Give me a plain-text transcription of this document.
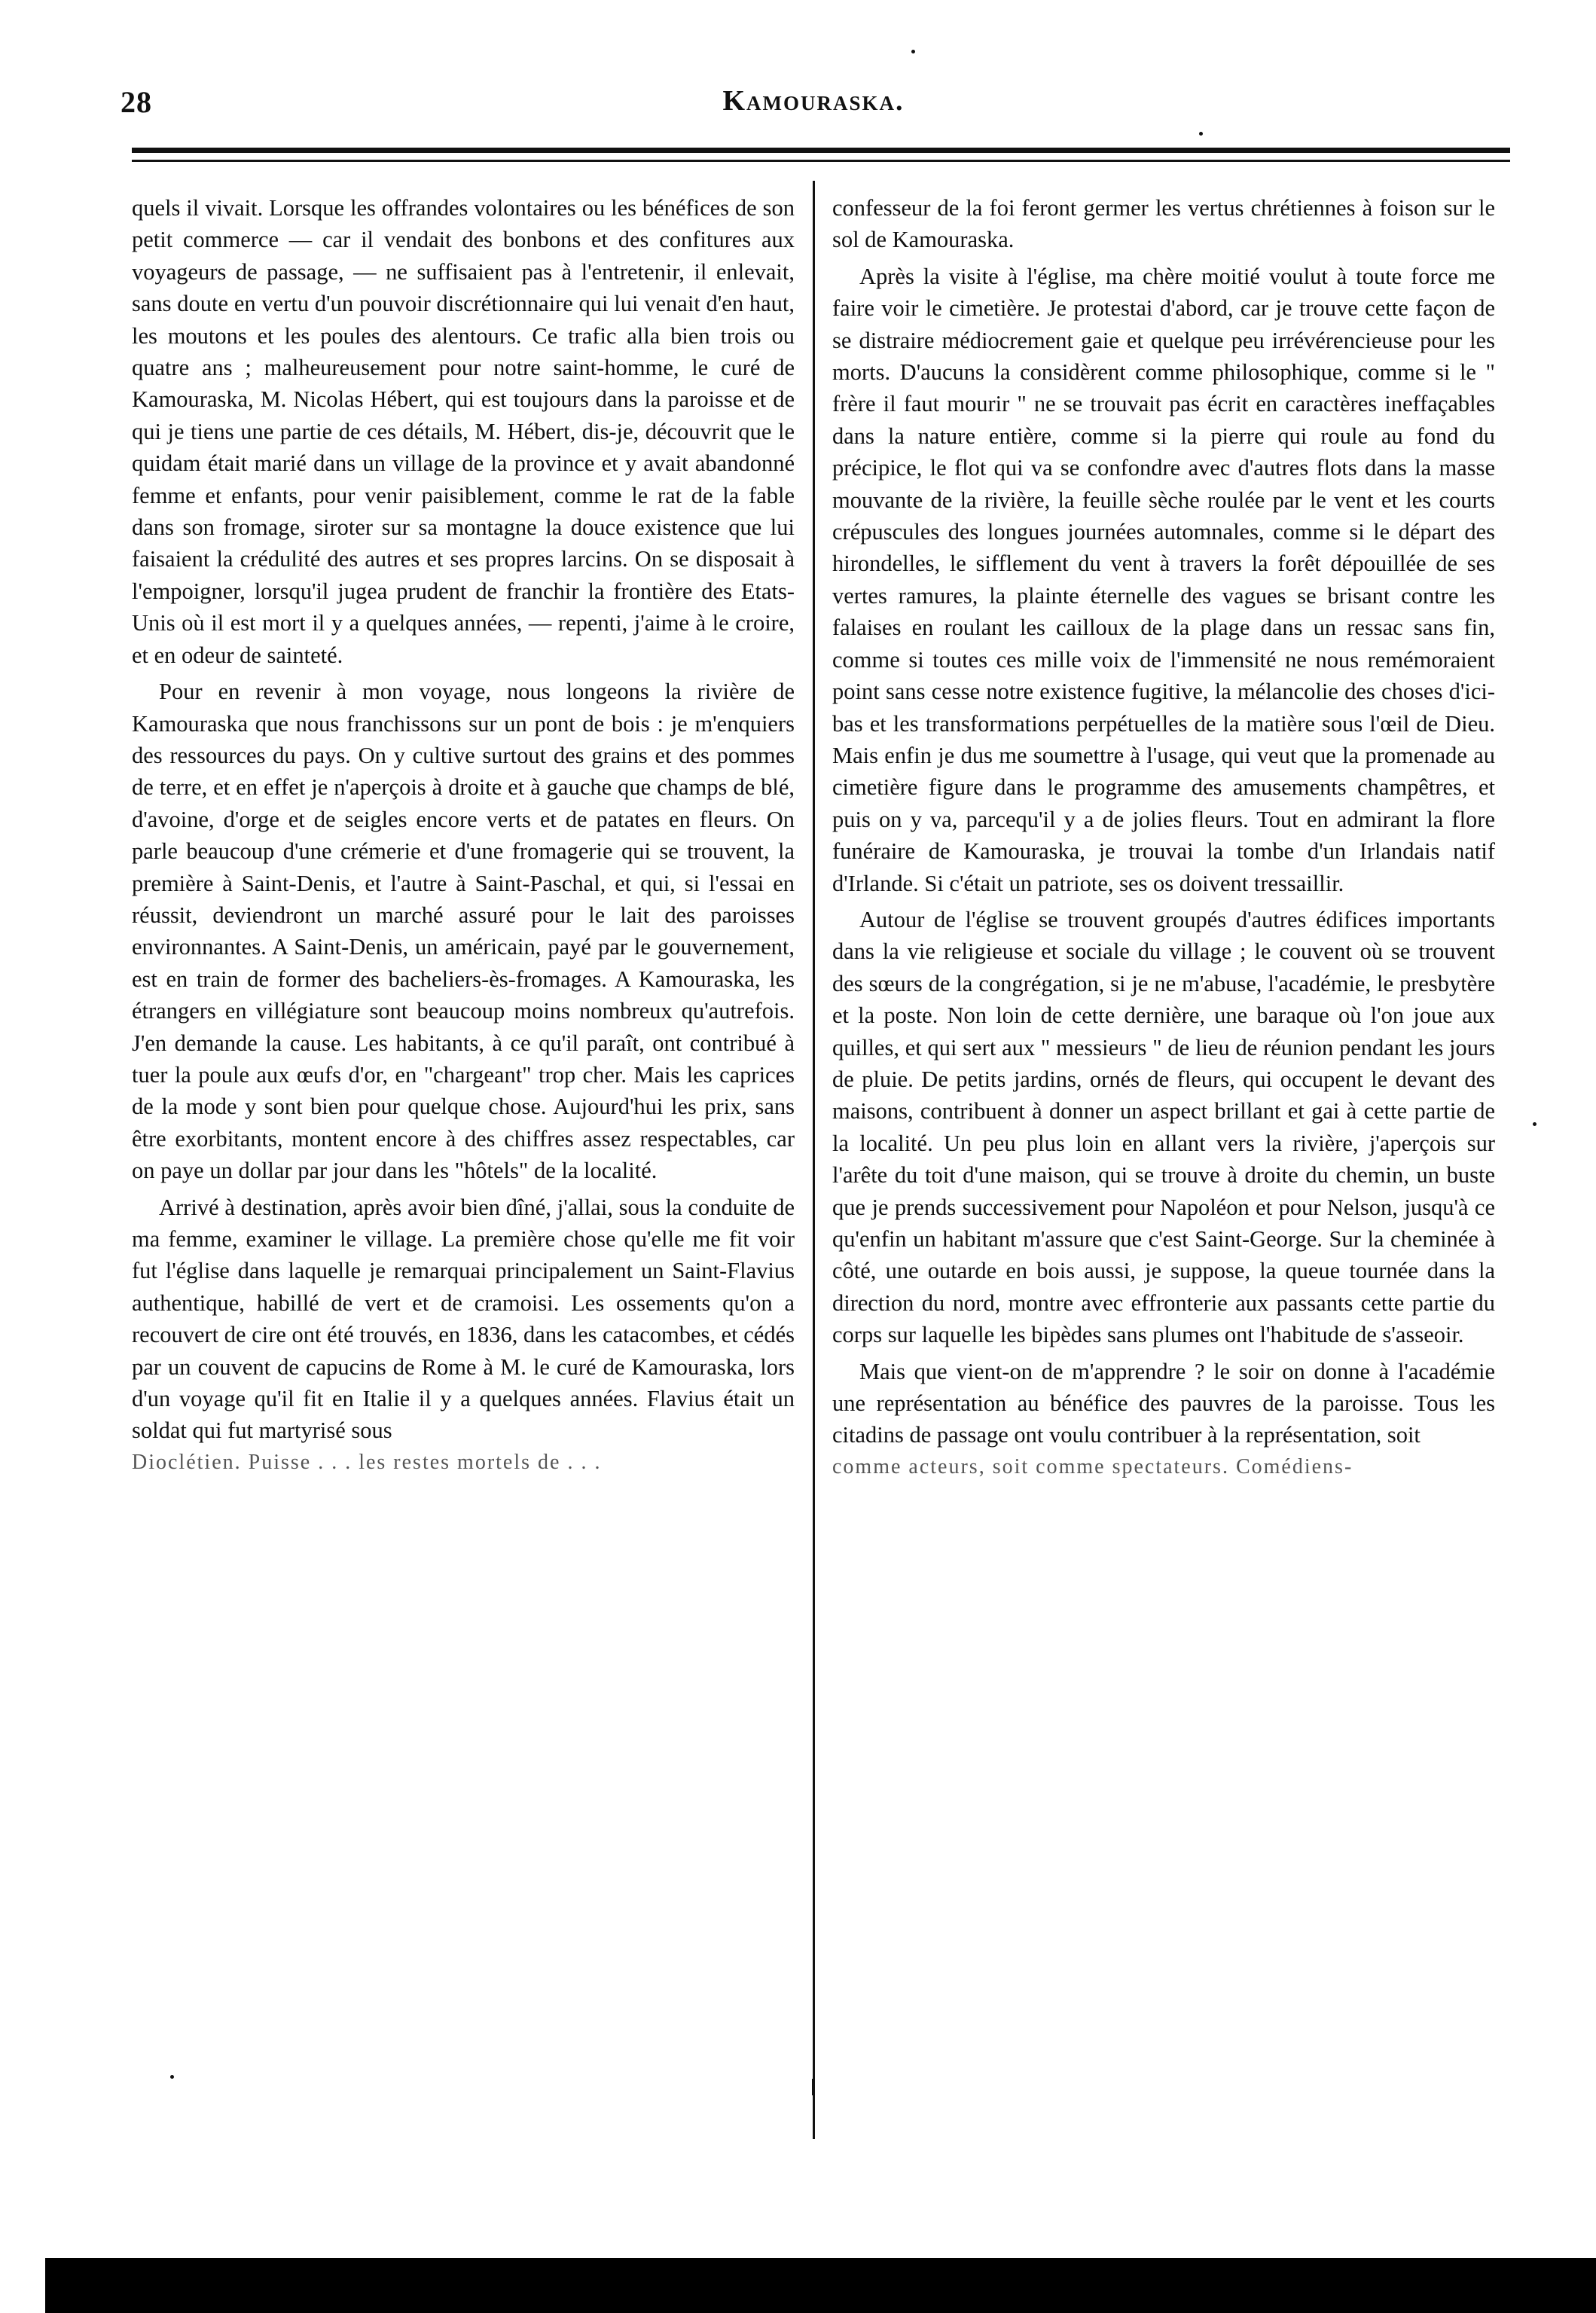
28	Kamouraska.

quels il vivait. Lorsque les offrandes volontaires ou les bénéfices de son petit commerce — car il vendait des bonbons et des confitures aux voyageurs de passage, — ne suffisaient pas à l'entretenir, il enlevait, sans doute en vertu d'un pouvoir discrétionnaire qui lui venait d'en haut, les moutons et les poules des alentours. Ce trafic alla bien trois ou quatre ans ; malheureusement pour notre saint-homme, le curé de Kamouraska, M. Nicolas Hébert, qui est toujours dans la paroisse et de qui je tiens une partie de ces détails, M. Hébert, dis-je, découvrit que le quidam était marié dans un village de la province et y avait abandonné femme et enfants, pour venir paisiblement, comme le rat de la fable dans son fromage, siroter sur sa montagne la douce existence que lui faisaient la crédulité des autres et ses propres larcins. On se disposait à l'empoigner, lorsqu'il jugea prudent de franchir la frontière des Etats-Unis où il est mort il y a quelques années, — repenti, j'aime à le croire, et en odeur de sainteté.

Pour en revenir à mon voyage, nous longeons la rivière de Kamouraska que nous franchissons sur un pont de bois : je m'enquiers des ressources du pays. On y cultive surtout des grains et des pommes de terre, et en effet je n'aperçois à droite et à gauche que champs de blé, d'avoine, d'orge et de seigles encore verts et de patates en fleurs. On parle beaucoup d'une crémerie et d'une fromagerie qui se trouvent, la première à Saint-Denis, et l'autre à Saint-Paschal, et qui, si l'essai en réussit, deviendront un marché assuré pour le lait des paroisses environnantes. A Saint-Denis, un américain, payé par le gouvernement, est en train de former des bacheliers-ès-fromages. A Kamouraska, les étrangers en villégiature sont beaucoup moins nombreux qu'autrefois. J'en demande la cause. Les habitants, à ce qu'il paraît, ont contribué à tuer la poule aux œufs d'or, en "chargeant" trop cher. Mais les caprices de la mode y sont bien pour quelque chose. Aujourd'hui les prix, sans être exorbitants, montent encore à des chiffres assez respectables, car on paye un dollar par jour dans les "hôtels" de la localité.

Arrivé à destination, après avoir bien dîné, j'allai, sous la conduite de ma femme, examiner le village. La première chose qu'elle me fit voir fut l'église dans laquelle je remarquai principalement un Saint-Flavius authentique, habillé de vert et de cramoisi. Les ossements qu'on a recouvert de cire ont été trouvés, en 1836, dans les catacombes, et cédés par un couvent de capucins de Rome à M. le curé de Kamouraska, lors d'un voyage qu'il fit en Italie il y a quelques années. Flavius était un soldat qui fut martyrisé sous

Dioclétien. Puisse . . . les restes mortels de . . .

confesseur de la foi feront germer les vertus chrétiennes à foison sur le sol de Kamouraska.

Après la visite à l'église, ma chère moitié voulut à toute force me faire voir le cimetière. Je protestai d'abord, car je trouve cette façon de se distraire médiocrement gaie et quelque peu irrévérencieuse pour les morts. D'aucuns la considèrent comme philosophique, comme si le " frère il faut mourir " ne se trouvait pas écrit en caractères ineffaçables dans la nature entière, comme si la pierre qui roule au fond du précipice, le flot qui va se confondre avec d'autres flots dans la masse mouvante de la rivière, la feuille sèche roulée par le vent et les courts crépuscules des longues journées automnales, comme si le départ des hirondelles, le sifflement du vent à travers la forêt dépouillée de ses vertes ramures, la plainte éternelle des vagues se brisant contre les falaises en roulant les cailloux de la plage dans un ressac sans fin, comme si toutes ces mille voix de l'immensité ne nous remémoraient point sans cesse notre existence fugitive, la mélancolie des choses d'ici-bas et les transformations perpétuelles de la matière sous l'œil de Dieu. Mais enfin je dus me soumettre à l'usage, qui veut que la promenade au cimetière figure dans le programme des amusements champêtres, et puis on y va, parcequ'il y a de jolies fleurs. Tout en admirant la flore funéraire de Kamouraska, je trouvai la tombe d'un Irlandais natif d'Irlande. Si c'était un patriote, ses os doivent tressaillir.

Autour de l'église se trouvent groupés d'autres édifices importants dans la vie religieuse et sociale du village ; le couvent où se trouvent des sœurs de la congrégation, si je ne m'abuse, l'académie, le presbytère et la poste. Non loin de cette dernière, une baraque où l'on joue aux quilles, et qui sert aux " messieurs " de lieu de réunion pendant les jours de pluie. De petits jardins, ornés de fleurs, qui occupent le devant des maisons, contribuent à donner un aspect brillant et gai à cette partie de la localité. Un peu plus loin en allant vers la rivière, j'aperçois sur l'arête du toit d'une maison, qui se trouve à droite du chemin, un buste que je prends successivement pour Napoléon et pour Nelson, jusqu'à ce qu'enfin un habitant m'assure que c'est Saint-George. Sur la cheminée à côté, une outarde en bois aussi, je suppose, la queue tournée dans la direction du nord, montre avec effronterie aux passants cette partie du corps sur laquelle les bipèdes sans plumes ont l'habitude de s'asseoir.

Mais que vient-on de m'apprendre ? le soir on donne à l'académie une représentation au bénéfice des pauvres de la paroisse. Tous les citadins de passage ont voulu contribuer à la représentation, soit

comme acteurs, soit comme spectateurs. Comédiens-
